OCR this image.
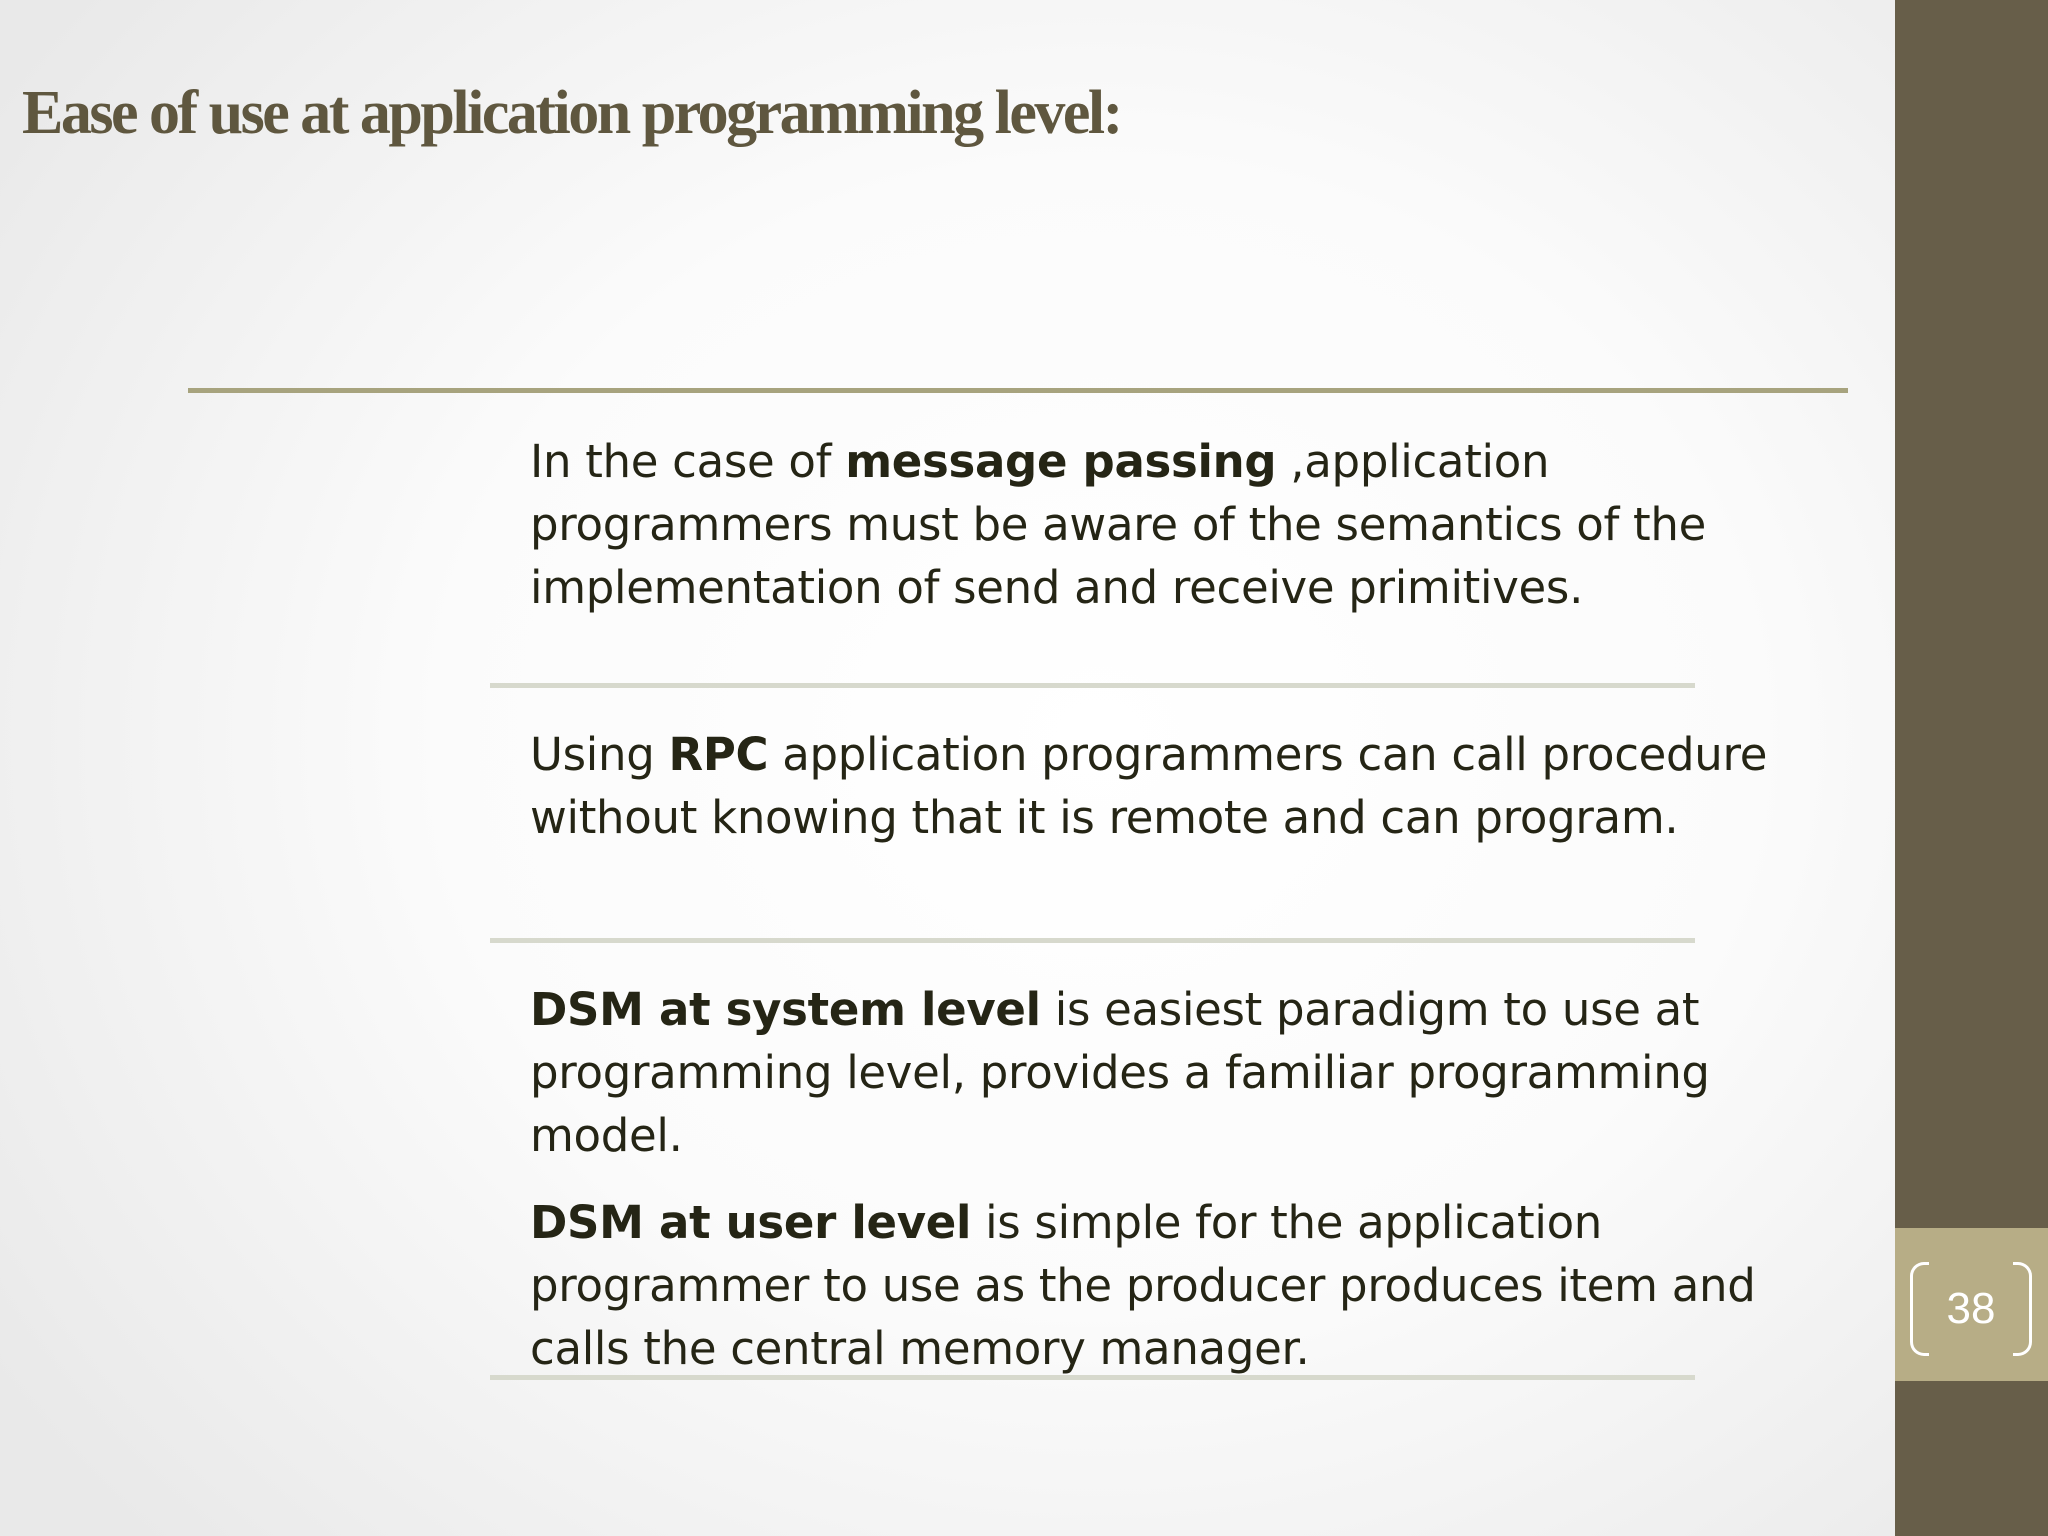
38
Ease of use at application programming level:
In the case of message passing ,application programmers must be aware of the semantics of the implementation of send and receive primitives.
Using RPC application programmers can call procedure without knowing that it is remote and can program.
DSM at system level is easiest paradigm to use at programming level, provides a familiar programming model.
DSM at user level is simple for the application programmer to use as the producer produces item and calls the central memory manager.
